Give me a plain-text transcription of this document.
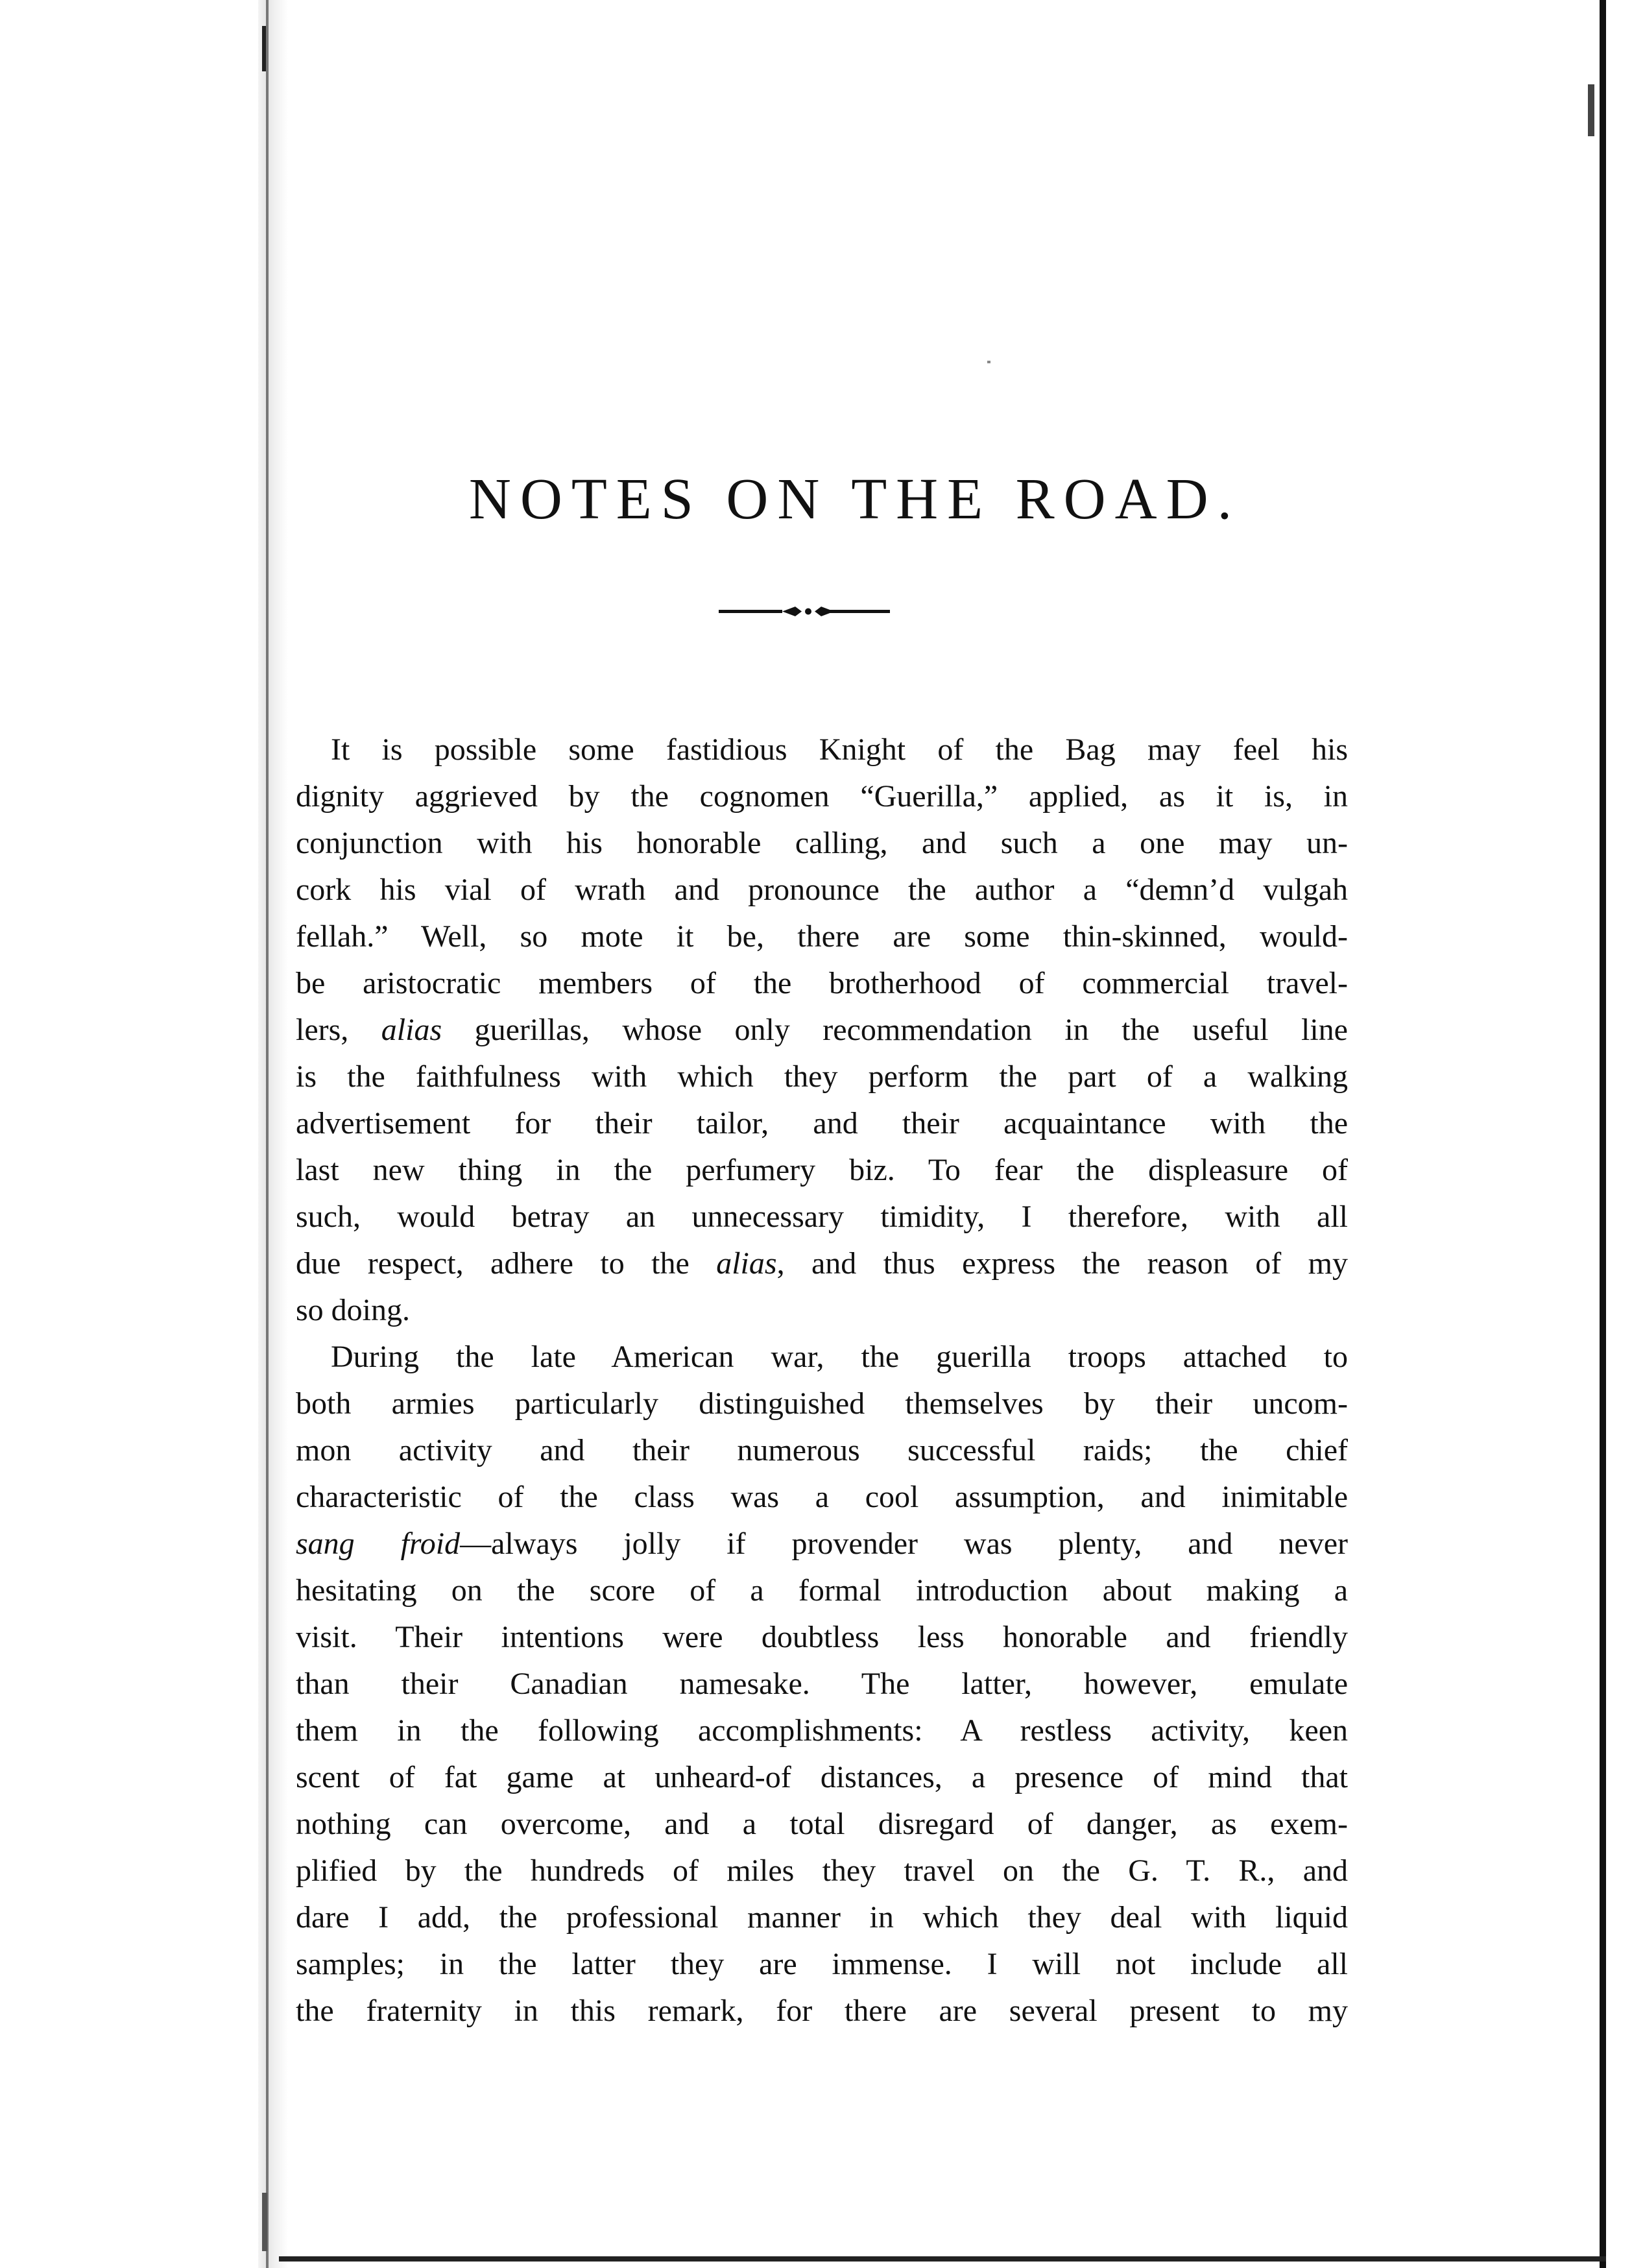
NOTES ON THE ROAD.
It is possible some fastidious Knight of the Bag may feel his
dignity aggrieved by the cognomen “Guerilla,” applied, as it is, in
conjunction with his honorable calling, and such a one may un-
cork his vial of wrath and pronounce the author a “demn’d vulgah
fellah.” Well, so mote it be, there are some thin-skinned, would-
be aristocratic members of the brotherhood of commercial travel-
lers, alias guerillas, whose only recommendation in the useful line
is the faithfulness with which they perform the part of a walking
advertisement for their tailor, and their acquaintance with the
last new thing in the perfumery biz. To fear the displeasure of
such, would betray an unnecessary timidity, I therefore, with all
due respect, adhere to the alias, and thus express the reason of my
so doing.
During the late American war, the guerilla troops attached to
both armies particularly distinguished themselves by their uncom-
mon activity and their numerous successful raids; the chief
characteristic of the class was a cool assumption, and inimitable
sang froid—always jolly if provender was plenty, and never
hesitating on the score of a formal introduction about making a
visit. Their intentions were doubtless less honorable and friendly
than their Canadian namesake. The latter, however, emulate
them in the following accomplishments: A restless activity, keen
scent of fat game at unheard-of distances, a presence of mind that
nothing can overcome, and a total disregard of danger, as exem-
plified by the hundreds of miles they travel on the G. T. R., and
dare I add, the professional manner in which they deal with liquid
samples; in the latter they are immense. I will not include all
the fraternity in this remark, for there are several present to my
